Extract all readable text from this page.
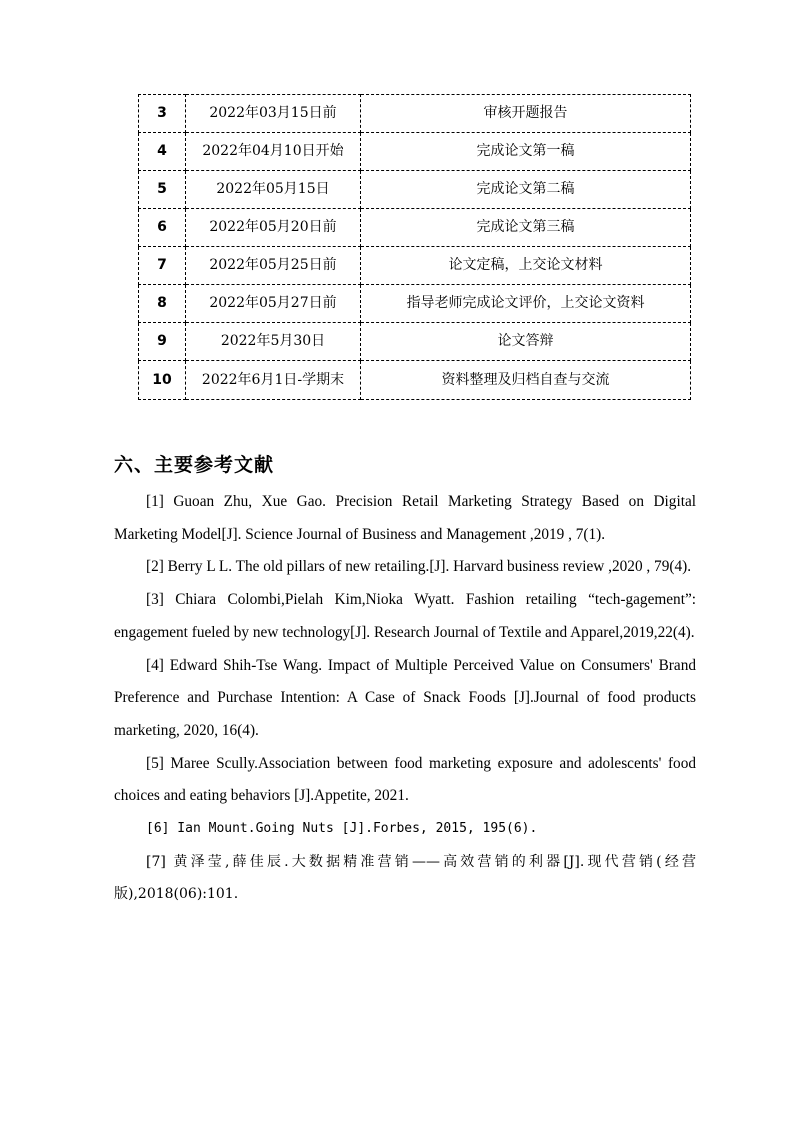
3	2022年03月15日前	审核开题报告
4	2022年04月10日开始	完成论文第一稿
5	2022年05月15日	完成论文第二稿
6	2022年05月20日前	完成论文第三稿
7	2022年05月25日前	论文定稿，上交论文材料
8	2022年05月27日前	指导老师完成论文评价，上交论文资料
9	2022年5月30日	论文答辩
10	2022年6月1日-学期末	资料整理及归档自查与交流
六、主要参考文献

[1] Guoan Zhu, Xue Gao. Precision Retail Marketing Strategy Based on Digital Marketing Model[J]. Science Journal of Business and Management ,2019 , 7(1).

[2] Berry L L. The old pillars of new retailing.[J]. Harvard business review ,2020 , 79(4).

[3] Chiara Colombi,Pielah Kim,Nioka Wyatt. Fashion retailing “tech-gagement”: engagement fueled by new technology[J]. Research Journal of Textile and Apparel,2019,22(4).

[4] Edward Shih-Tse Wang. Impact of Multiple Perceived Value on Consumers' Brand Preference and Purchase Intention: A Case of Snack Foods [J].Journal of food products marketing, 2020, 16(4).

[5] Maree Scully.Association between food marketing exposure and adolescents' food choices and eating behaviors [J].Appetite, 2021.

[6] Ian Mount.Going Nuts [J].Forbes, 2015, 195(6).

[7] 黄泽莹,薛佳辰.大数据精准营销——高效营销的利器[J].现代营销(经营版),2018(06):101.
